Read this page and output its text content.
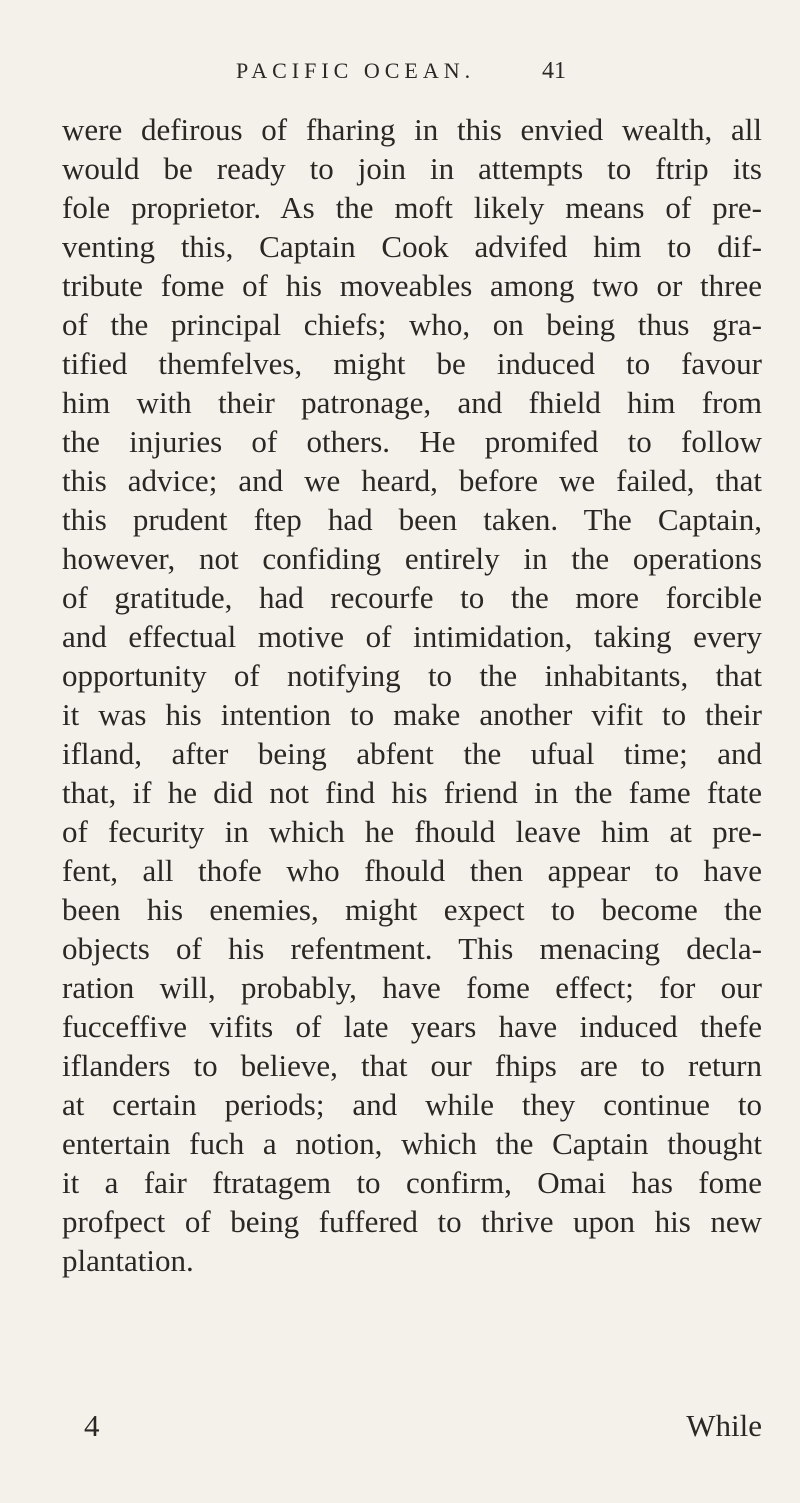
PACIFIC OCEAN.	41
were defirous of fharing in this envied wealth, all
would be ready to join in attempts to ftrip its
fole proprietor. As the moft likely means of pre-
venting this, Captain Cook advifed him to dif-
tribute fome of his moveables among two or three
of the principal chiefs; who, on being thus gra-
tified themfelves, might be induced to favour
him with their patronage, and fhield him from
the injuries of others. He promifed to follow
this advice; and we heard, before we failed, that
this prudent ftep had been taken. The Captain,
however, not confiding entirely in the operations
of gratitude, had recourfe to the more forcible
and effectual motive of intimidation, taking every
opportunity of notifying to the inhabitants, that
it was his intention to make another vifit to their
ifland, after being abfent the ufual time; and
that, if he did not find his friend in the fame ftate
of fecurity in which he fhould leave him at pre-
fent, all thofe who fhould then appear to have
been his enemies, might expect to become the
objects of his refentment. This menacing decla-
ration will, probably, have fome effect; for our
fucceffive vifits of late years have induced thefe
iflanders to believe, that our fhips are to return
at certain periods; and while they continue to
entertain fuch a notion, which the Captain thought
it a fair ftratagem to confirm, Omai has fome
profpect of being fuffered to thrive upon his new
plantation.
4	While
